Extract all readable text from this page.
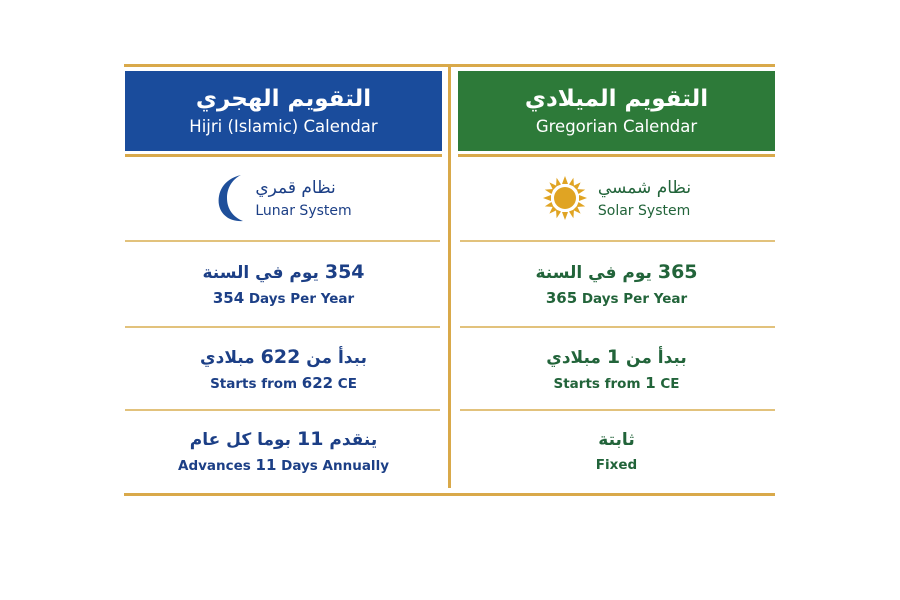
التقويم الهجري
Hijri (Islamic) Calendar
التقويم الميلادي
Gregorian Calendar
نظام قمري
Lunar System
نظام شمسي
Solar System
354 يوم في السنة
354 Days Per Year
365 يوم في السنة
365 Days Per Year
ببدأ من 622 مبلادي
Starts from 622 CE
ببدأ من 1 مبلادي
Starts from 1 CE
ينقدم 11 بوما كل عام
Advances 11 Days Annually
ثابتة
Fixed
